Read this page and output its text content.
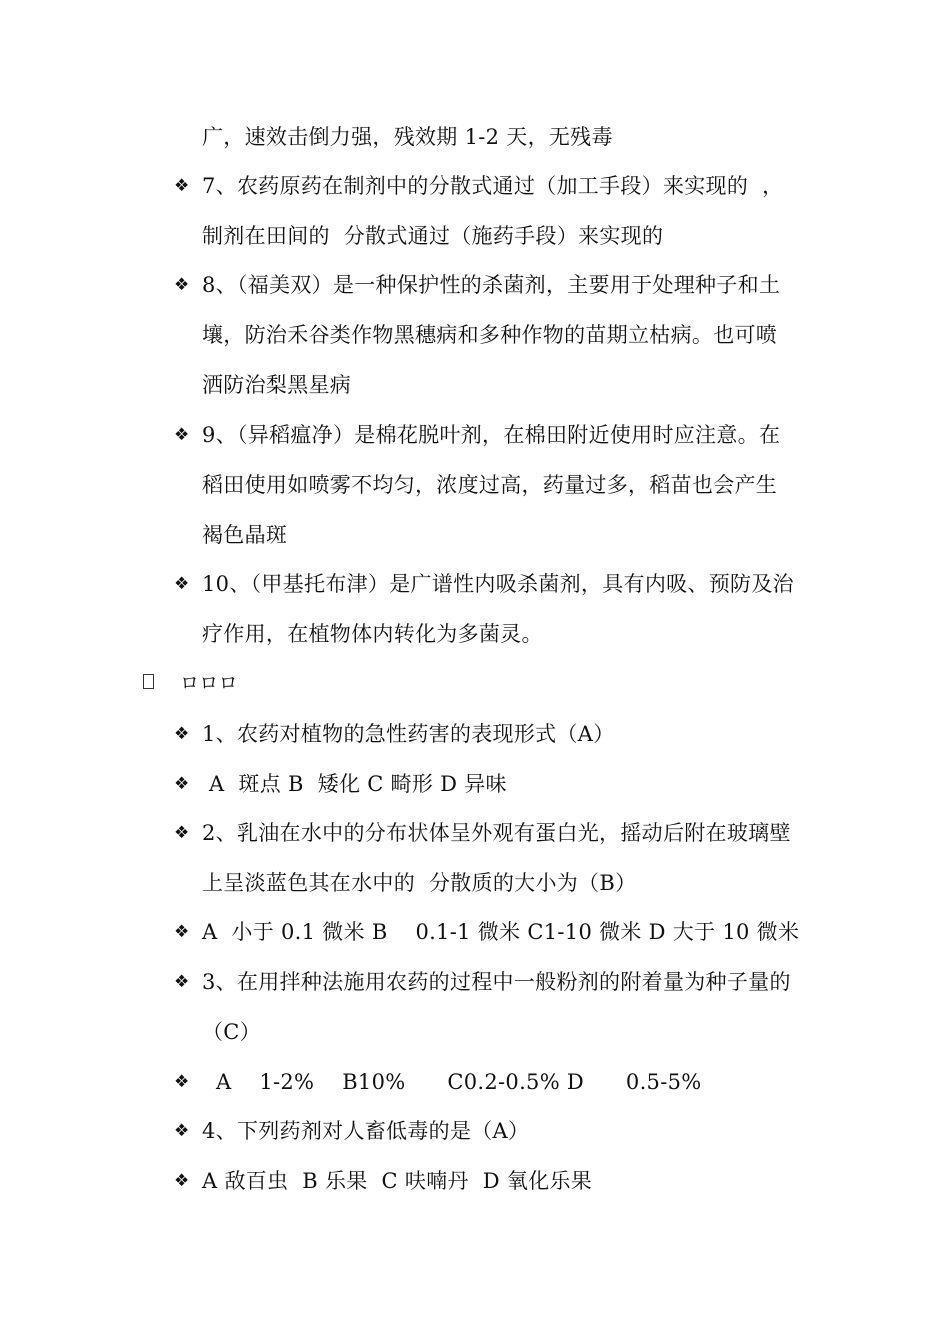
广，速效击倒力强，残效期 1-2 天，无残毒
❖ 7、农药原药在制剂中的分散式通过（加工手段）来实现的  ，
制剂在田间的  分散式通过（施药手段）来实现的
❖ 8、（福美双）是一种保护性的杀菌剂，主要用于处理种子和土
壤，防治禾谷类作物黑穗病和多种作物的苗期立枯病。也可喷
洒防治梨黑星病
❖ 9、（异稻瘟净）是棉花脱叶剂，在棉田附近使用时应注意。在
稻田使用如喷雾不均匀，浓度过高，药量过多，稻苗也会产生
褐色晶斑
❖ 10、（甲基托布津）是广谱性内吸杀菌剂，具有内吸、预防及治
疗作用，在植物体内转化为多菌灵。
ロロロ
❖ 1、农药对植物的急性药害的表现形式（A）
❖ A  斑点 B  矮化 C 畸形 D 异味
❖ 2、乳油在水中的分布状体呈外观有蛋白光，摇动后附在玻璃壁
上呈淡蓝色其在水中的  分散质的大小为（B）
❖ A  小于 0.1 微米 B    0.1-1 微米 C1-10 微米 D 大于 10 微米
❖ 3、在用拌种法施用农药的过程中一般粉剂的附着量为种子量的
（C）
❖ A    1-2%    B10%      C0.2-0.5% D      0.5-5%
❖ 4、下列药剂对人畜低毒的是（A）
❖ A 敌百虫  B 乐果  C 呋喃丹  D 氧化乐果
